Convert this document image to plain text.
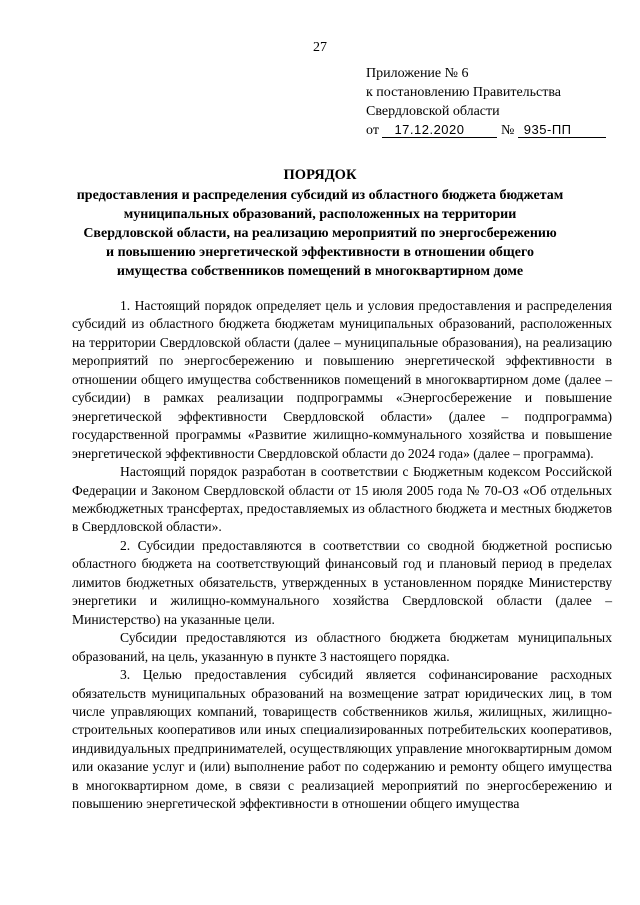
27
Приложение № 6
к постановлению Правительства
Свердловской области
от 17.12.2020	№ 935-ПП
ПОРЯДОК
предоставления и распределения субсидий из областного бюджета бюджетам
муниципальных образований, расположенных на территории
Свердловской области, на реализацию мероприятий по энергосбережению
и повышению энергетической эффективности в отношении общего
имущества собственников помещений в многоквартирном доме

1. Настоящий порядок определяет цель и условия предоставления и распределения субсидий из областного бюджета бюджетам муниципальных образований, расположенных на территории Свердловской области (далее – муниципальные образования), на реализацию мероприятий по энергосбережению и повышению энергетической эффективности в отношении общего имущества собственников помещений в многоквартирном доме (далее – субсидии) в рамках реализации подпрограммы «Энергосбережение и повышение энергетической эффективности Свердловской области» (далее – подпрограмма) государственной программы «Развитие жилищно-коммунального хозяйства и повышение энергетической эффективности Свердловской области до 2024 года» (далее – программа).

Настоящий порядок разработан в соответствии с Бюджетным кодексом Российской Федерации и Законом Свердловской области от 15 июля 2005 года № 70-ОЗ «Об отдельных межбюджетных трансфертах, предоставляемых из областного бюджета и местных бюджетов в Свердловской области».

2. Субсидии предоставляются в соответствии со сводной бюджетной росписью областного бюджета на соответствующий финансовый год и плановый период в пределах лимитов бюджетных обязательств, утвержденных в установленном порядке Министерству энергетики и жилищно-коммунального хозяйства Свердловской области (далее – Министерство) на указанные цели.

Субсидии предоставляются из областного бюджета бюджетам муниципальных образований, на цель, указанную в пункте 3 настоящего порядка.

3. Целью предоставления субсидий является софинансирование расходных обязательств муниципальных образований на возмещение затрат юридических лиц, в том числе управляющих компаний, товариществ собственников жилья, жилищных, жилищно-строительных кооперативов или иных специализированных потребительских кооперативов, индивидуальных предпринимателей, осуществляющих управление многоквартирным домом или оказание услуг и (или) выполнение работ по содержанию и ремонту общего имущества в многоквартирном доме, в связи с реализацией мероприятий по энергосбережению и повышению энергетической эффективности в отношении общего имущества
